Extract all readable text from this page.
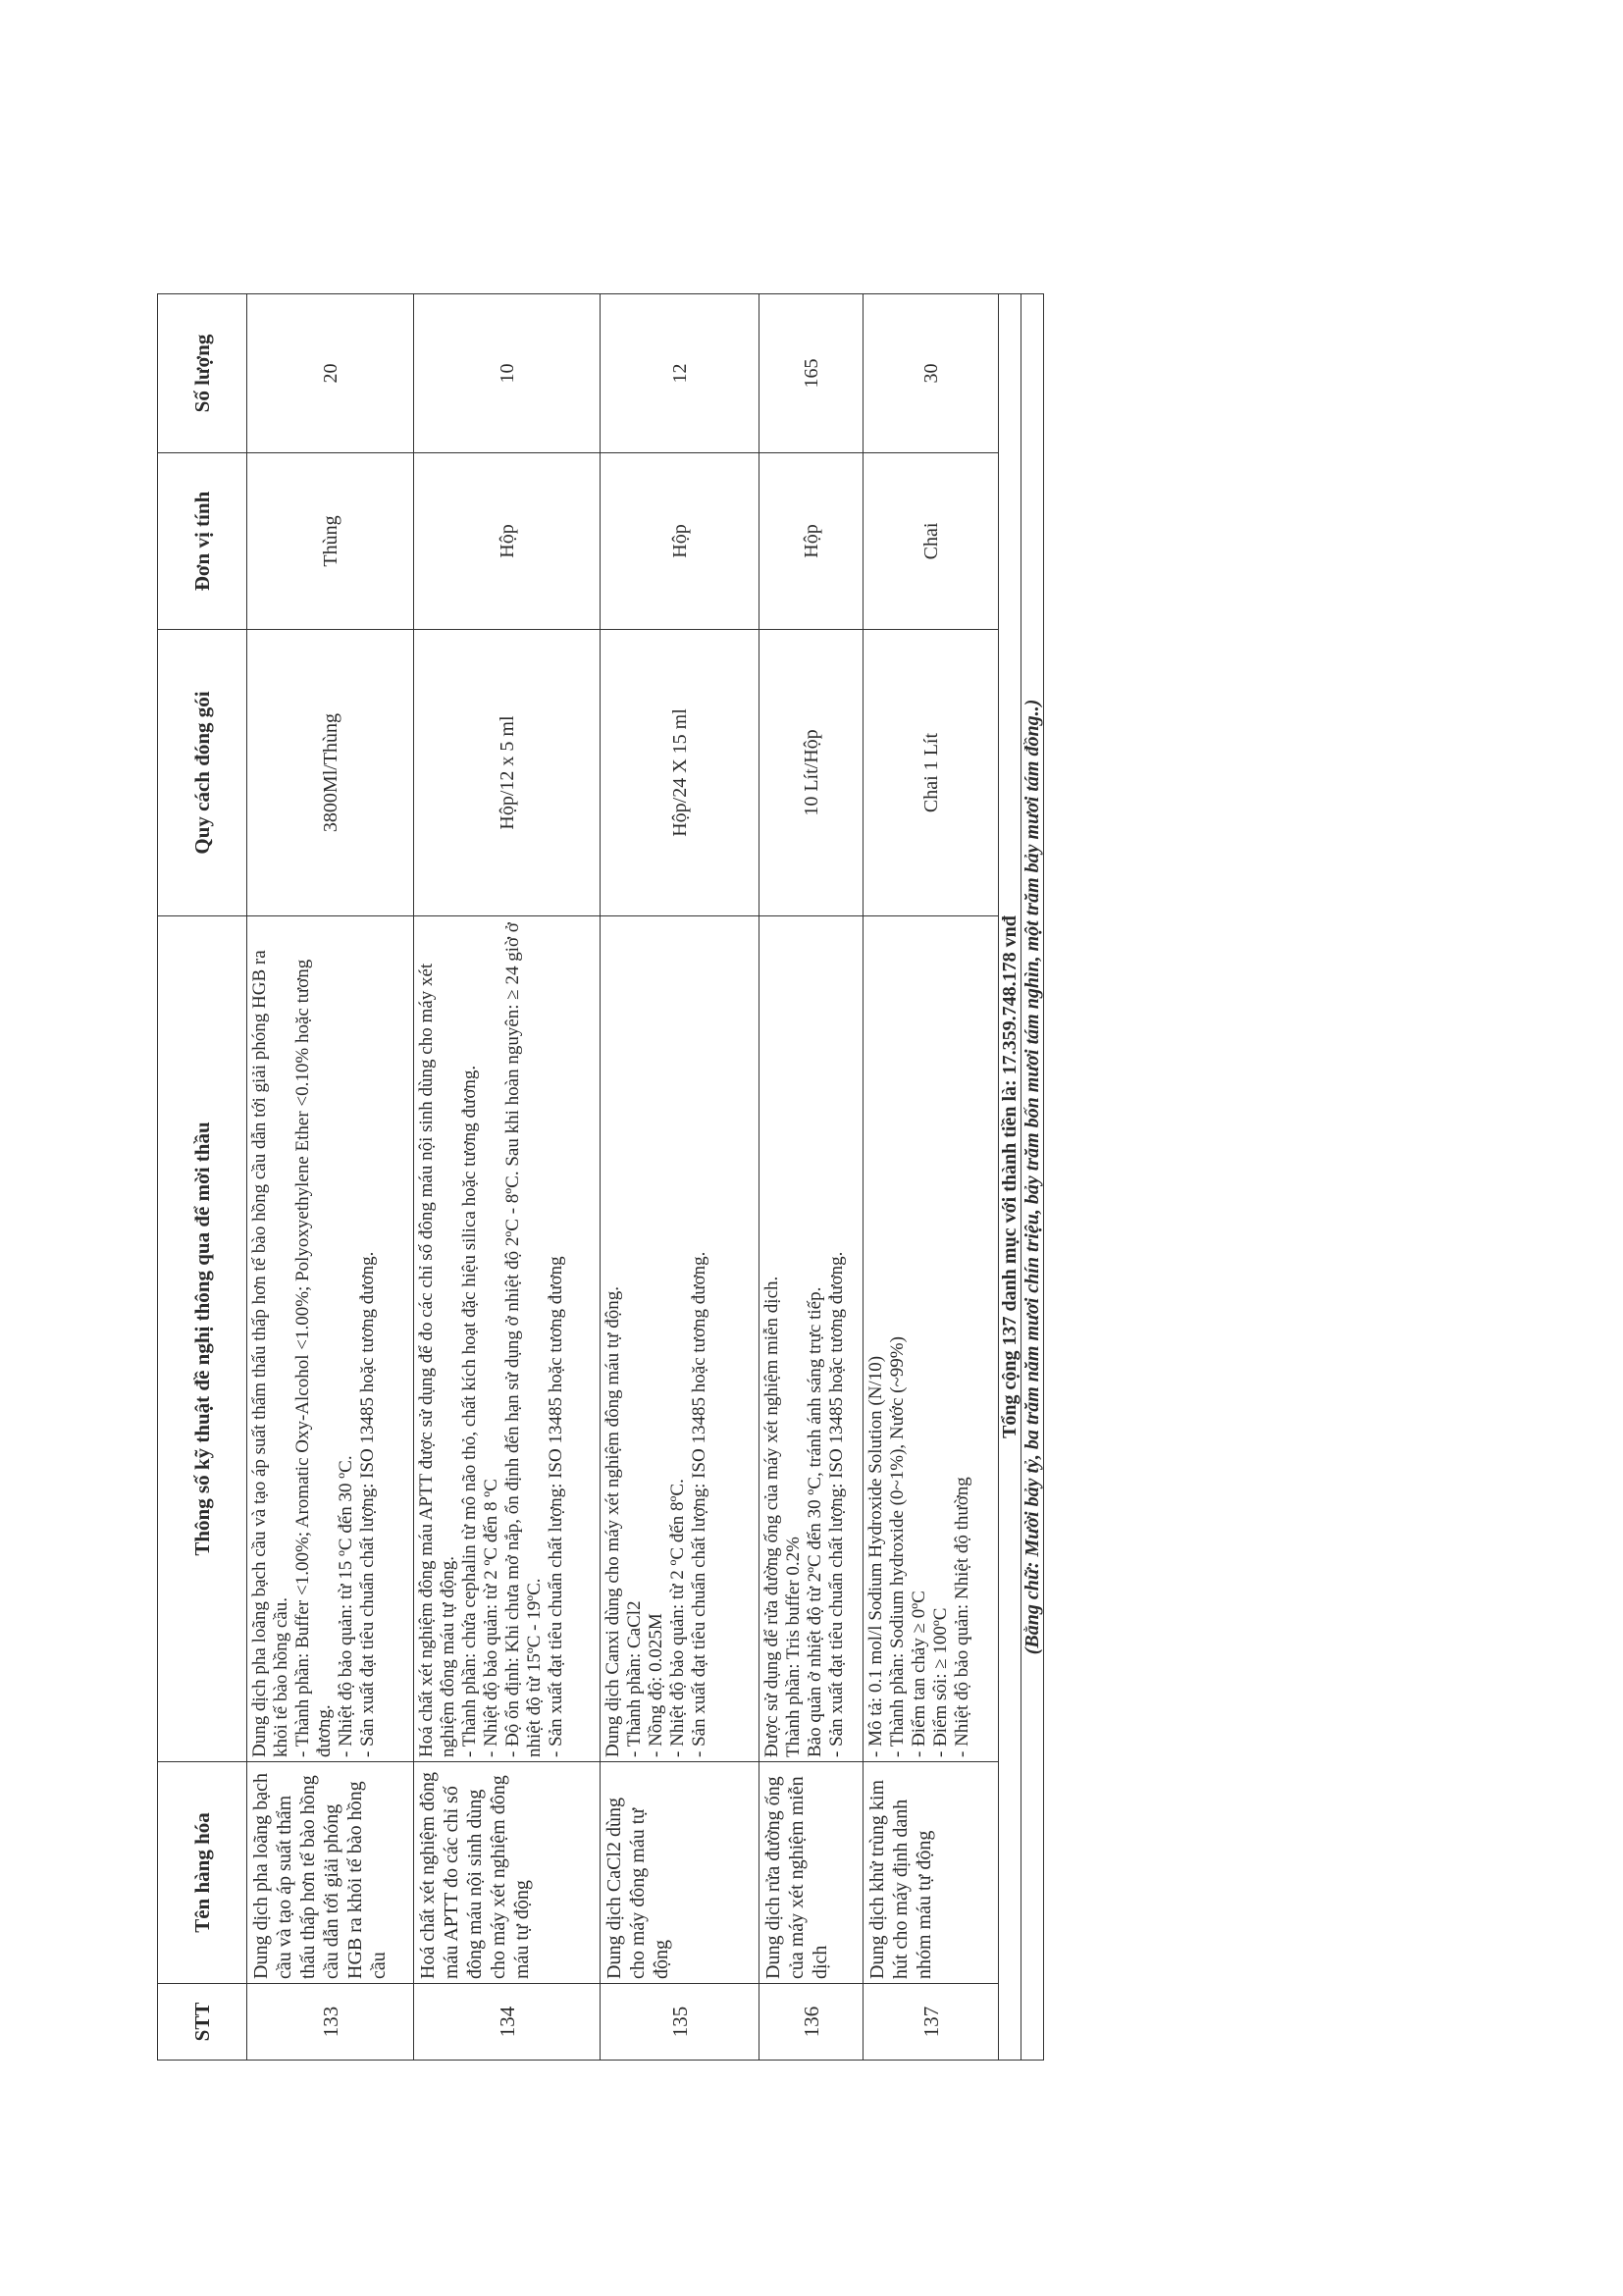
STT	Tên hàng hóa	Thông số kỹ thuật đề nghị thông qua để mời thầu	Quy cách đóng gói	Đơn vị tính	Số lượng
133	Dung dịch pha loãng bạch cầu và tạo áp suất thẩm thấu thấp hơn tế bào hồng cầu dẫn tới giải phóng HGB ra khỏi tế bào hồng cầu	Dung dịch pha loãng bạch cầu và tạo áp suất thẩm thấu thấp hơn tế bào hồng cầu dẫn tới giải phóng HGB ra khỏi tế bào hồng cầu. - Thành phần: Buffer <1.00%; Aromatic Oxy-Alcohol <1.00%; Polyoxyethylene Ether <0.10% hoặc tương đương. - Nhiệt độ bảo quản: từ 15 ºC đến 30 ºC. - Sản xuất đạt tiêu chuẩn chất lượng: ISO 13485 hoặc tương đương.	3800Ml/Thùng	Thùng	20
134	Hoá chất xét nghiệm đông máu APTT đo các chỉ số đông máu nội sinh dùng cho máy xét nghiệm đông máu tự động	Hoá chất xét nghiệm đông máu APTT được sử dụng để đo các chỉ số đông máu nội sinh dùng cho máy xét nghiệm đông máu tự động. - Thành phần: chứa cephalin từ mô não thỏ, chất kích hoạt đặc hiệu silica hoặc tương đương. - Nhiệt độ bảo quản: từ 2 ºC đến 8 ºC - Độ ổn định: Khi chưa mở nắp, ổn định đến hạn sử dụng ở nhiệt độ 2ºC - 8ºC. Sau khi hoàn nguyên: ≥ 24 giờ ở nhiệt độ từ 15ºC - 19ºC. - Sản xuất đạt tiêu chuẩn chất lượng: ISO 13485 hoặc tương đương	Hộp/12 x 5 ml	Hộp	10
135	Dung dịch CaCl2 dùng cho máy đông máu tự động	Dung dịch Canxi dùng cho máy xét nghiệm đông máu tự động. - Thành phần: CaCl2 - Nồng độ: 0.025M - Nhiệt độ bảo quản: từ 2 ºC đến 8ºC. - Sản xuất đạt tiêu chuẩn chất lượng: ISO 13485 hoặc tương đương.	Hộp/24 X 15 ml	Hộp	12
136	Dung dịch rửa đường ống của máy xét nghiệm miễn dịch	Được sử dụng để rửa đường ống của máy xét nghiệm miễn dịch. Thành phần: Tris buffer 0.2% Bảo quản ở nhiệt độ từ 2ºC đến 30 ºC, tránh ánh sáng trực tiếp. - Sản xuất đạt tiêu chuẩn chất lượng: ISO 13485 hoặc tương đương.	10 Lít/Hộp	Hộp	165
137	Dung dịch khử trùng kim hút cho máy định danh nhóm máu tự động	- Mô tả: 0.1 mol/l Sodium Hydroxide Solution (N/10) - Thành phần: Sodium hydroxide (0~1%), Nước (~99%) - Điểm tan chảy ≥ 0ºC - Điểm sôi: ≥ 100ºC - Nhiệt độ bảo quản: Nhiệt độ thường	Chai 1 Lít	Chai	30
Tổng cộng 137 danh mục với thành tiền là: 17.359.748.178 vnđ					
(Bằng chữ: Mười bảy tỷ, ba trăm năm mươi chín triệu, bảy trăm bốn mươi tám nghìn, một trăm bảy mươi tám đồng..)					
